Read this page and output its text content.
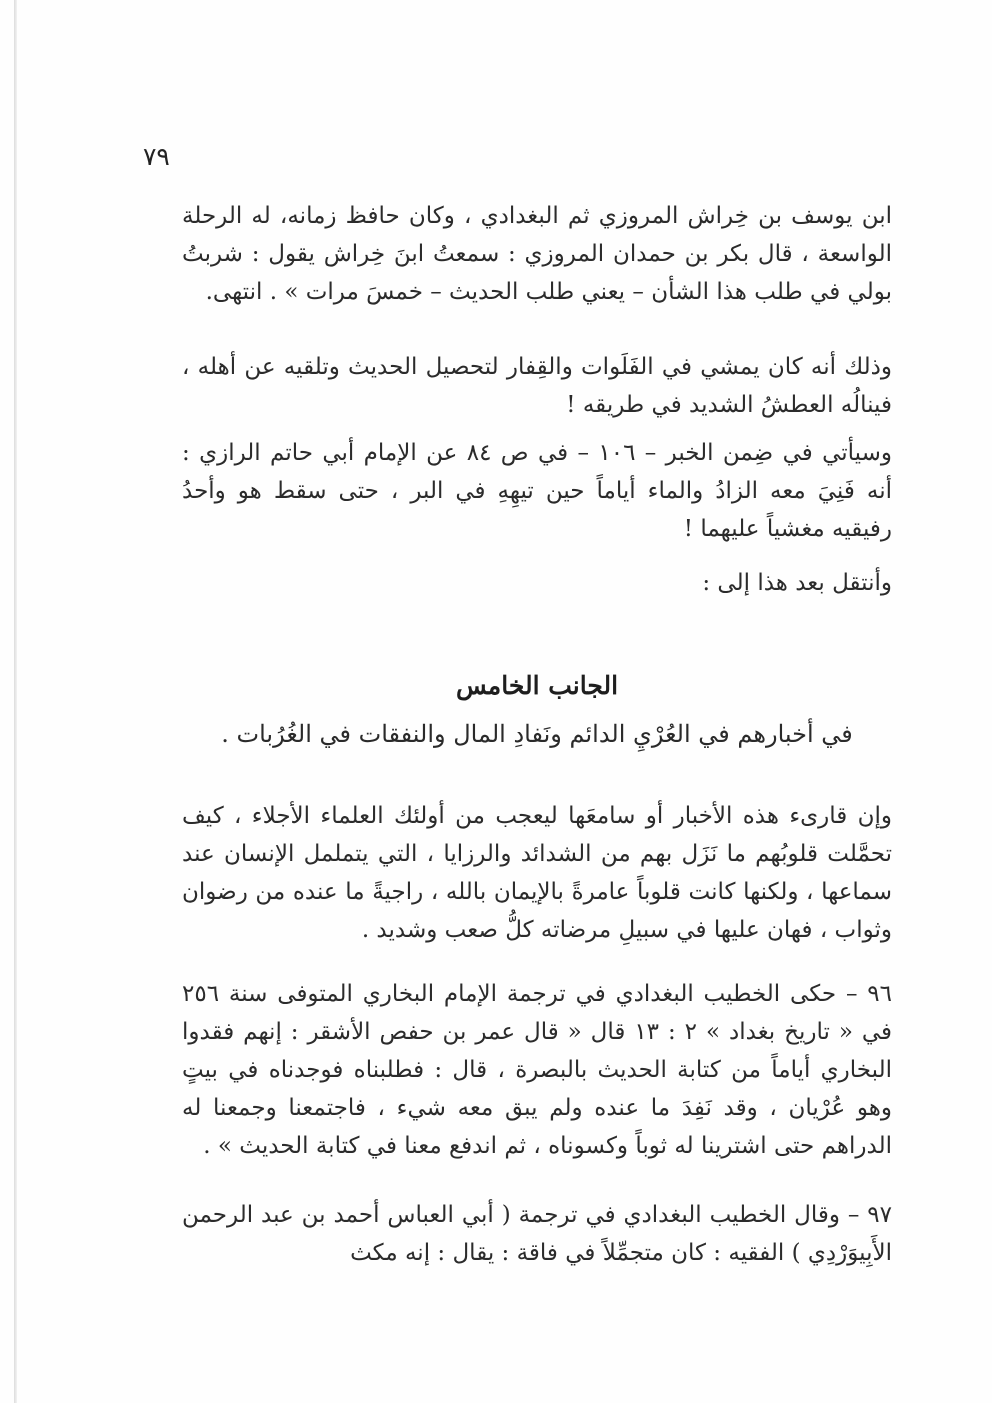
٧٩

ابن يوسف بن خِراش المروزي ثم البغدادي ، وكان حافظ زمانه، له الرحلة الواسعة ، قال بكر بن حمدان المروزي : سمعتُ ابنَ خِراش يقول : شربتُ بولي في طلب هذا الشأن – يعني طلب الحديث – خمسَ مرات » . انتهى.

وذلك أنه كان يمشي في الفَلَوات والقِفار لتحصيل الحديث وتلقيه عن أهله ، فينالُه العطشُ الشديد في طريقه !

وسيأتي في ضِمن الخبر – ١٠٦ – في ص ٨٤ عن الإمام أبي حاتم الرازي : أنه فَنِيَ معه الزادُ والماء أياماً حين تيهِهِ في البر ، حتى سقط هو وأحدُ رفيقيه مغشياً عليهما !

وأنتقل بعد هذا إلى :

الجانب الخامس
في أخبارهم في العُرْيِ الدائم ونَفادِ المال والنفقات في الغُرُبات .

وإن قارىء هذه الأخبار أو سامعَها ليعجب من أولئك العلماء الأجلاء ، كيف تحمَّلت قلوبُهم ما نَزَل بهم من الشدائد والرزايا ، التي يتململ الإنسان عند سماعها ، ولكنها كانت قلوباً عامرةً بالإيمان بالله ، راجيةً ما عنده من رضوان وثواب ، فهان عليها في سبيلِ مرضاته كلُّ صعب وشديد .

٩٦ – حكى الخطيب البغدادي في ترجمة الإمام البخاري المتوفى سنة ٢٥٦ في « تاريخ بغداد » ٢ : ١٣ قال « قال عمر بن حفص الأشقر : إنهم فقدوا البخاري أياماً من كتابة الحديث بالبصرة ، قال : فطلبناه فوجدناه في بيتٍ وهو عُرْيان ، وقد نَفِدَ ما عنده ولم يبق معه شيء ، فاجتمعنا وجمعنا له الدراهم حتى اشترينا له ثوباً وكسوناه ، ثم اندفع معنا في كتابة الحديث » .

٩٧ – وقال الخطيب البغدادي في ترجمة ( أبي العباس أحمد بن عبد الرحمن الأَبِيوَرْدِي ) الفقيه : كان متجمِّلاً في فاقة : يقال : إنه مكث
